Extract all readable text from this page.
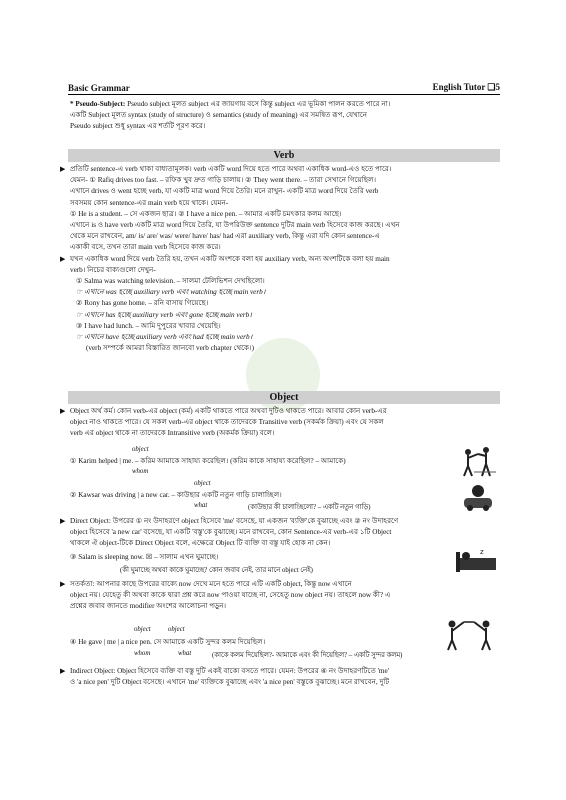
Basic Grammar	English Tutor ❑5
* Pseudo-Subject: Pseudo subject মূলত subject এর জায়গায় বসে কিন্তু subject এর ভূমিকা পালন করতে পারে না।
একটি Subject মূলত syntax (study of structure) ও semantics (study of meaning) এর সমন্বিত রূপ, যেখানে
Pseudo subject শুধু syntax এর শর্তটি পূরণ করে।
Verb
▶ প্রতিটি sentence-এ verb থাকা বাধ্যতামূলক। verb একটি word দিয়ে হতে পারে অথবা একাধিক word-এও হতে পারে।
যেমন- ① Rafiq drives too fast. – রফিক খুব দ্রুত গাড়ি চালায়। ② They went there. – তারা সেখানে গিয়েছিল।
এখানে drives ও went হচ্ছে verb, যা একটি মাত্র word দিয়ে তৈরি। মনে রাখুন- একটি মাত্র word দিয়ে তৈরি verb
সবসময় কোন sentence-এর main verb হয়ে থাকে। যেমন-
① He is a student. – সে একজন ছাত্র। ② I have a nice pen. – আমার একটি চমৎকার কলম আছে।
এখানে is ও have verb একটি মাত্র word দিয়ে তৈরি, যা উপরিউক্ত sentence দুটির main verb হিসেবে কাজ করছে। এখন
থেকে মনে রাখবেন, am/ is/ are/ was/ were/ have/ has/ had এরা auxiliary verb, কিন্তু এরা যদি কোন sentence-এ
একাকী বসে, তখন তারা main verb হিসেবে কাজ করে।
▶ যখন একাধিক word দিয়ে verb তৈরি হয়, তখন একটি অংশকে বলা হয় auxiliary verb, অন্য অংশটিকে বলা হয় main
verb। নিচের বাক্যগুলো দেখুন-
① Salma was watching television. – সালমা টেলিভিশন দেখছিলো।
☞ এখানে was হচ্ছে auxiliary verb এবং watching হচ্ছে main verb।
② Rony has gone home. – রনি বাসায় গিয়েছে।
☞ এখানে has হচ্ছে auxiliary verb এবং gone হচ্ছে main verb।
③ I have had lunch. – আমি দুপুরের খাবার খেয়েছি।
☞ এখানে have হচ্ছে auxiliary verb এবং had হচ্ছে main verb।
(verb সম্পর্কে আমরা বিস্তারিত জানবো verb chapter থেকে।)
Object
▶ Object অর্থ কর্ম। কোন verb-এর object (কর্ম) একটি থাকতে পারে অথবা দুটিও থাকতে পারে। আবার কোন verb-এর
object নাও থাকতে পারে। যে সকল verb-এর object থাকে তাদেরকে Transitive verb (সকর্মক ক্রিয়া) এবং যে সকল
verb এর object থাকে না তাদেরকে Intransitive verb (অকর্মক ক্রিয়া) বলে।
object
① Karim helped | me. – করিম আমাকে সাহায্য করেছিল। (করিম কাকে সাহায্য করেছিল? – আমাকে)
whom
object
② Kawsar was driving | a new car. – কাউছার একটি নতুন গাড়ি চালাচ্ছিল।
what	(কাউছার কী চালাচ্ছিলো? – একটি নতুন গাড়ি)
▶ Direct Object: উপরের ① নং উদাহরণে object হিসেবে 'me' বসেছে, যা একজন 'ব্যক্তি'কে বুঝাচ্ছে এবং ② নং উদাহরণে
object হিসেবে 'a new car' বসেছে, যা একটি 'বস্তু'কে বুঝাচ্ছে। মনে রাখবেন, কোন Sentence-এর verb-এর ১টি Object
থাকলে ঐ object-টিকে Direct Object বলে, এক্ষেত্রে Object টি ব্যক্তি বা বস্তু যাই হোক না কেন।
③ Salam is sleeping now. ☒ – সালাম এখন ঘুমাচ্ছে।
(কী ঘুমাচ্ছে অথবা কাকে ঘুমাচ্ছে? কোন জবাব নেই, তার মানে object নেই)
▶ সতর্কতা: আপনার কাছে উপরের বাক্যে now দেখে মনে হতে পারে এটি একটি object, কিন্তু now এখানে
object নয়। যেহেতু কী অথবা কাকে দ্বারা প্রশ্ন করে now পাওয়া যাচ্ছে না, সেহেতু now object নয়। তাহলে now কী? এ
প্রশ্নের জবাব জানতে modifier অংশের আলোচনা পড়ুন।
object	object
④ He gave | me | a nice pen. সে আমাকে একটি সুন্দর কলম দিয়েছিল।
whom	what	(কাকে কলম দিয়েছিল?- আমাকে এবং কী দিয়েছিল? – একটি সুন্দর কলম)
▶ Indirect Object: Object হিসেবে ব্যক্তি বা বস্তু দুটি একই বাক্যে বসতে পারে। যেমন: উপরের ④ নং উদাহরণটিতে 'me'
ও 'a nice pen' দুটি Object বসেছে। এখানে 'me' ব্যক্তিকে বুঝাচ্ছে এবং 'a nice pen' বস্তুকে বুঝাচ্ছে। মনে রাখবেন, দুটি
z
